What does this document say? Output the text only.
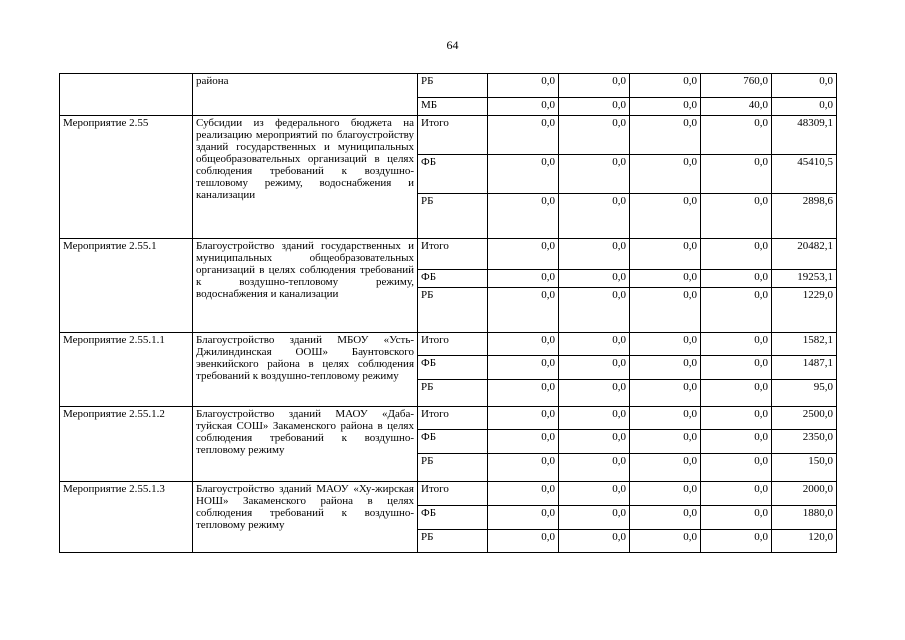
64
	района	РБ	0,0	0,0	0,0	760,0	0,0
		МБ	0,0	0,0	0,0	40,0	0,0
Мероприятие 2.55	Субсидии из федерального бюджета на реализацию мероприятий по благоустройству зданий государственных и муниципальных общеобразовательных организаций в целях соблюдения требований к воздушно-тешловому режиму, водоснабжения и канализации	Итого	0,0	0,0	0,0	0,0	48309,1
		ФБ	0,0	0,0	0,0	0,0	45410,5
		РБ	0,0	0,0	0,0	0,0	2898,6
Мероприятие 2.55.1	Благоустройство зданий государственных и муниципальных общеобразовательных организаций в целях соблюдения требований к воздушно-тепловому режиму, водоснабжения и канализации	Итого	0,0	0,0	0,0	0,0	20482,1
		ФБ	0,0	0,0	0,0	0,0	19253,1
		РБ	0,0	0,0	0,0	0,0	1229,0
Мероприятие 2.55.1.1	Благоустройство зданий МБОУ «Усть-Джилиндинская ООШ» Баунтовского эвенкийского района в целях соблюдения требований к воздушно-тепловому режиму	Итого	0,0	0,0	0,0	0,0	1582,1
		ФБ	0,0	0,0	0,0	0,0	1487,1
		РБ	0,0	0,0	0,0	0,0	95,0
Мероприятие 2.55.1.2	Благоустройство зданий МАОУ «Даба-туйская СОШ» Закаменского района в целях соблюдения требований к воздушно-тепловому режиму	Итого	0,0	0,0	0,0	0,0	2500,0
		ФБ	0,0	0,0	0,0	0,0	2350,0
		РБ	0,0	0,0	0,0	0,0	150,0
Мероприятие 2.55.1.3	Благоустройство зданий МАОУ «Ху-жирская НОШ» Закаменского района в целях соблюдения требований к воздушно-тепловому режиму	Итого	0,0	0,0	0,0	0,0	2000,0
		ФБ	0,0	0,0	0,0	0,0	1880,0
		РБ	0,0	0,0	0,0	0,0	120,0
